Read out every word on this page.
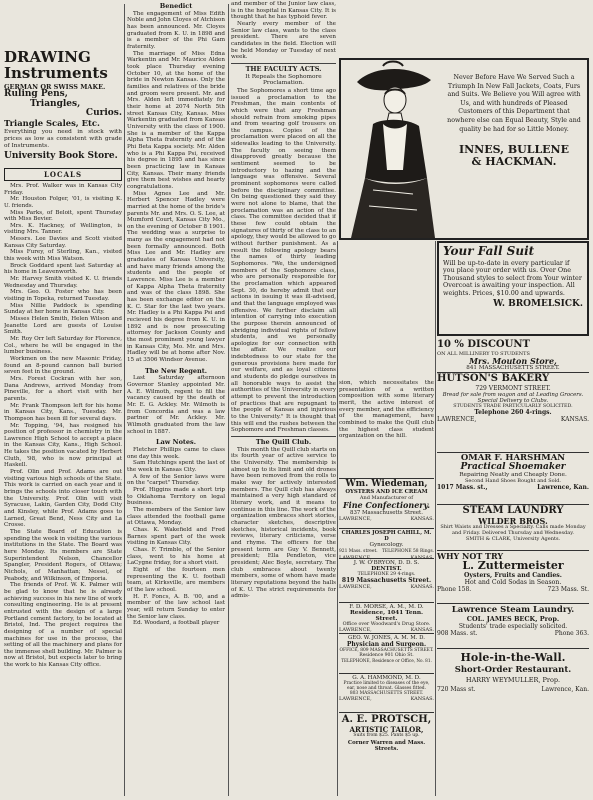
DRAWING
Instruments
GERMAN OR SWISS MAKE.
Ruling Pens,
Triangles,
Curios.
Triangle Scales, Etc.

Everything you need in stock with prices as low as consistent with grade of Instruments.

University Book Store.
LOCALS

Mrs. Prof. Walker was in Kansas City Friday.

Mr. Houston Folger, '01, is visiting K. U. friends.

Miss Parks, of Beloit, spent Thursday with Miss Bevier.

Mrs. K. Hackney, of Wellington, is visiting Mrs. Tanner.

Messrs. Lee Davies and Scott visited Kansas City Saturday.

Miss Furey, of Sterling, Kan., visited this week with Miss Watson.

Brock Goddard spent last Saturday at his home in Leavenworth.

Mr. Harvey Smith visited K. U. friends Wednesday and Thursday.

Mrs. Geo. O. Foster who has been visiting in Topeka, returned Tuesday.

Miss Nillie Paddock is spending Sunday at her home in Kansas City.

Misses Helen Smith, Helen Wilson and Jeanette Lord are guests of Louise Smith.

Mr. Roy Orr left Saturday for Florence, Col., where he will be engaged in the lumber business.

Workmen on the new Masonic Friday, found an 8-pound cannon ball buried seven feet in the ground.

Mrs. Forest Cockran with her son, Dana Andrews, arrived Monday from Pineville, for a short visit with her parents.

Mr. Frank Thompson left for his home in Kansas City, Kans., Tuesday. Mr. Thompson has been ill for several days.

Mr. Topping, '94, has resigned his position of professor in chemistry in the Lawrence High School to accept a place in the Kansas City, Kans., High School. He takes the position vacated by Herbert Cluth, '98, who is now principal at Haskell.

Prof. Olin and Prof. Adams are out visiting various high schools of the State. This work is carried on each year and it brings the schools into closer touch with the University. Prof. Olin will visit Syracuse, Lakin, Garden City, Dodd City and Kinsley, while Prof. Adams goes to Larned, Great Bend, Ness City and La Crosse.

The State Board of Education is spending the week in visiting the various institutions in the State. The Board was here Monday. Its members are State Superintendent Nelson, Chancellor Spangler, President Rogers, of Ottawa; Nichols, of Manhattan; Nessel, of Peabody, and Wilkinson, of Emporia.

The friends of Prof. W. K. Palmer will be glad to know that he is already achieving success in his new line of work consulting engineering. He is at present entrusted with the design of a large Portland cement factory, to be located at Bristol, Ind. The project requires the designing of a number of special machines for use in the process, the setting of all the machinery and plans for the immense shell building. Mr. Palmer is now at Bristol, but expects later to bring the work to his Kansas City office.

Benedict

The engagement of Miss Edith Noble and John Cloyes of Atchison has been announced. Mr. Cloyes graduated from K. U. in 1898 and is a member of the Phi Gam fraternity.

The marriage of Miss Edna Warkentin and Mr. Maurice Alden took place Thursday evening October 10, at the home of the bride in Newton Kansas. Only the families and relatives of the bride and groom were present. Mr. and Mrs. Alden left immediately for their home at 2074 North 5th street Kansas City, Kansas. Miss Warkentin graduated from Kansas University with the class of 1900. She is a member of the Kappa Alpha Theta fraternity and of the Phi Beta Kappa society. Mr. Alden who is a Phi Kappa Psi, received his degree in 1895 and has since been practicing law in Kansas City, Kansas. Their many friends give them best wishes and hearty congratulations.

Miss Agnes Lee and Mr. Herbert Spencer Hadley were married at the home of the bride's parents Mr. and Mrs. O. S. Lee, at Mumford Court, Kansas City Mo., on the evening of October 8 1901. The wedding was a surprise to many as the engagement had not been formally announced. Both Miss Lee and Mr. Hadley are graduates of Kansas University, and have many friends among the students and the people of Lawrence. Miss Lee is a member of Kappa Alpha Theta fraternity and was of the class 1898. She has been exchange editor on the K. C. Star for the last two years. Mr. Hadley is a Phi Kappa Psi and recieved his degree from K. U. in 1892 and is now prosecuting attorney for Jackson County and the most prominent young lawyer in Kansas City, Mo. Mr. and Mrs. Hadley will be at home after Nov. 15 at 3506 Windsor Avenue.

The New Regent.

Last Saturday afternoon Governor Stanley appointed Mr. A. E. Wilmoth, regent to fill the vacancy caused by the death of Mr. E. G. Ackley. Mr. Wilmoth is from Concordia and was a law partner of Mr. Ackley. Mr. Wilmoth graduated from the law school in 1887.

Law Notes.

Fletcher Phillips came to class one day this week.

Sam Hutchings spent the last of the week in Kansas City.

A few of the Senior laws were on the "carpet" Thursday.

Prof. Higgins made a short trip to Oklahoma Territory on legal business.

The members of the Senior law class attended the football game at Ottawa, Monday.

Chas. K. Wakefield and Fred Barnes spent part of the week visiting in Kansas City.

Chas. F. Trimble, of the Senior class, went to his home at LaCygne friday, for a short visit.

Eight of the fourteen men representing the K. U. football team, at Kirksville, are members of the law school.

H. F. Foncs, A. B. '00, and a member of the law school last year, will return Sunday to enter the Senior law class.

Ed. Woodard, a football player

and member of the Junior law class, is in the hospital in Kansas City. It is thought that he has typhoid fever.

Nearly every member of the Senior law class, wants to the class president. There are seven candidates in the field. Election will be held Monday or Tuesday of next week.

THE FACULTY ACTS.
It Repeals the Sophomore Proclamation.

The Sophomores a short time ago issued a proclamation to the Freshman, the main contents of which were that any Freshman should refrain from smoking pipes and from wearing golf trousers on the campus. Copies of the proclamation were placed on all the sidewalks leading to the University. The faculty on seeing them disapproved greatly because the sentiment seemed to be introductory to hazing and the language was offensive. Several prominent sophomores were called before the disciplinary committee. On being questioned they said they were not alone to blame, that the proclamation was an action of the class. The committee decided that if these few could obtain the signatures of thirty of the class to an apology, they would be allowed to go without further punishment. As a result the following apology bears the names of thirty leading Sophomores. "We, the undersigned members of the Sophomore class, who are personally responsible for the proclamation which appeared Sept. 30, do hereby admit that our actions in issuing it was ill-advised, and that the language employed was offensive. We further disclaim all intention of carrying into execution the purpose therein announced of abridging individual rights of fellow students, and we personally apologize for our connection with the affair. We realize our indebtedness to our state for the generous provisions here made for our welfare, and as loyal citizens and students do pledge ourselves in all honorable ways to assist the authorities of the University in every attempt to prevent the introduction of practices that are repugnant to the people of Kansas and injurious to the University." It is thought that this will end the rushes between the Sophomore and Freshman classes.

The Quill Club.

This month the Quill club starts on its fourth year of active service to the University. The membership is almost up to its limit and old drones have been removed from the rolls to make way for actively interested members. The Quill club has always maintained a very high standard of literary work, and it means to continue in this line. The work of the organization embraces short stories, character sketches, descriptive sketches, historical incidents, book reviews, literary criticisms, verse and rhyme. The officers for the present term are Guy V. Bennett, president; Ella Pendleton, vice president; Alec Boyle, secretary. The club embraces about twenty members, some of whom have made literary reputations beyond the halls of K. U. The strict requirements for admis-

sion, which necessitates the presentation of a written composition with some literary merit, the active interest of every member, and the efficiency of the management, have combined to make the Quill club the highest class student organization on the hill.

Never Before Have We Served Such a Triumph In New Fall Jackets, Coats, Furs and Suits. We Believe you Will agree with Us, and with hundreds of Pleased Customers of this Department that nowhere else can Equal Beauty, Style and quality be had for so Little Money.

INNES, BULLENE
& HACKMAN.
Your Fall Suit

Will be up-to-date in every particular if you place your order with us. Over One Thousand styles to select from Your winter Overcoat is awaiting your inspection. All weights. Prices, $10.00 and upwards.

W. BROMELSICK.
10 % DISCOUNT
ON ALL MILLINERY TO STUDENTS
Mrs. Mouton Store,
841 MASSACHUSETTS STREET.
HUTSON'S BAKERY
729 VERMONT STREET.
Bread for sale from wagon and at Leading Grocers.
Special Delivery to Clubs.
STUDENTS TRADE PARTICULARLY SOLICITED.
Telephone 260 4-rings.
LAWRENCE,	KANSAS.
OMAR F. HARSHMAN
Practical Shoemaker
Repairing Neatly and Cheaply Done.
Second Hand Shoes Bought and Sold.
1017 Mass. st.,	Lawrence, Kan.
STEAM LAUNDRY
WILDER BROS.
Shirt Waists and Dresses a Specialty. Calls made Monday and Friday. Delivered Thursday and Wednesday.
SMITH & CLARK, University Agents.
WHY NOT TRY
L. Zuttermeister
Oysters, Fruits and Candies.
Hot and Cold Sodas in Season.
Phone 158.	723 Mass. St.
Lawrence Steam Laundry.
COL. JAMES BECK, Prop.
Students' trade especially solicited.
908 Mass. st.	Phone 363.
Hole-in-the-Wall.
Short-Order Restaurant.
HARRY WEYMULLER, Prop.
720 Mass st.	Lawrence, Kan.
Wm. Wiedeman,
OYSTERS AND ICE CREAM
And Manufacturer of
Fine Confectionery.
837 Massachusetts Street.
LAWRENCE,	KANSAS.
CHARLES JOSEPH CAHILL, M. D
Gynecology.
921 Mass. street. TELEPHONE 58 Rings.
LAWRENCE,	KANSAS.
J. W. O'BRYON, D. D. S.
DENTIST.
TELEPHONE 29 4-rings.
819 Massachusetts Street.
LAWRENCE,	KANSAS.
F. D. MORSE, A. M., M. D.
Residence, 1041 Tenn. Street.
Office over Woodward's Drug Store.
LAWRENCE,	KANSAS.
GEO. W. JONES, A. M. M. D.
Physician and Surgeon.
OFFICE, 809 MASSACHUSETTS STREET.
Residence 901 Ohio St.
TELEPHONE, Residence or Office, No. 81.
G. A. HAMMOND, M. D.
Practice limited to diseases of the eye, ear, nose and throat. Glasses fitted.
803 MASSACHUSETTS STREET.
LAWRENCE,	KANSAS.
A. E. PROTSCH,
ARTISTIC TAILOR,
Suits from $25. Pants $5 up.
Corner Warren and Mass. Streets.
